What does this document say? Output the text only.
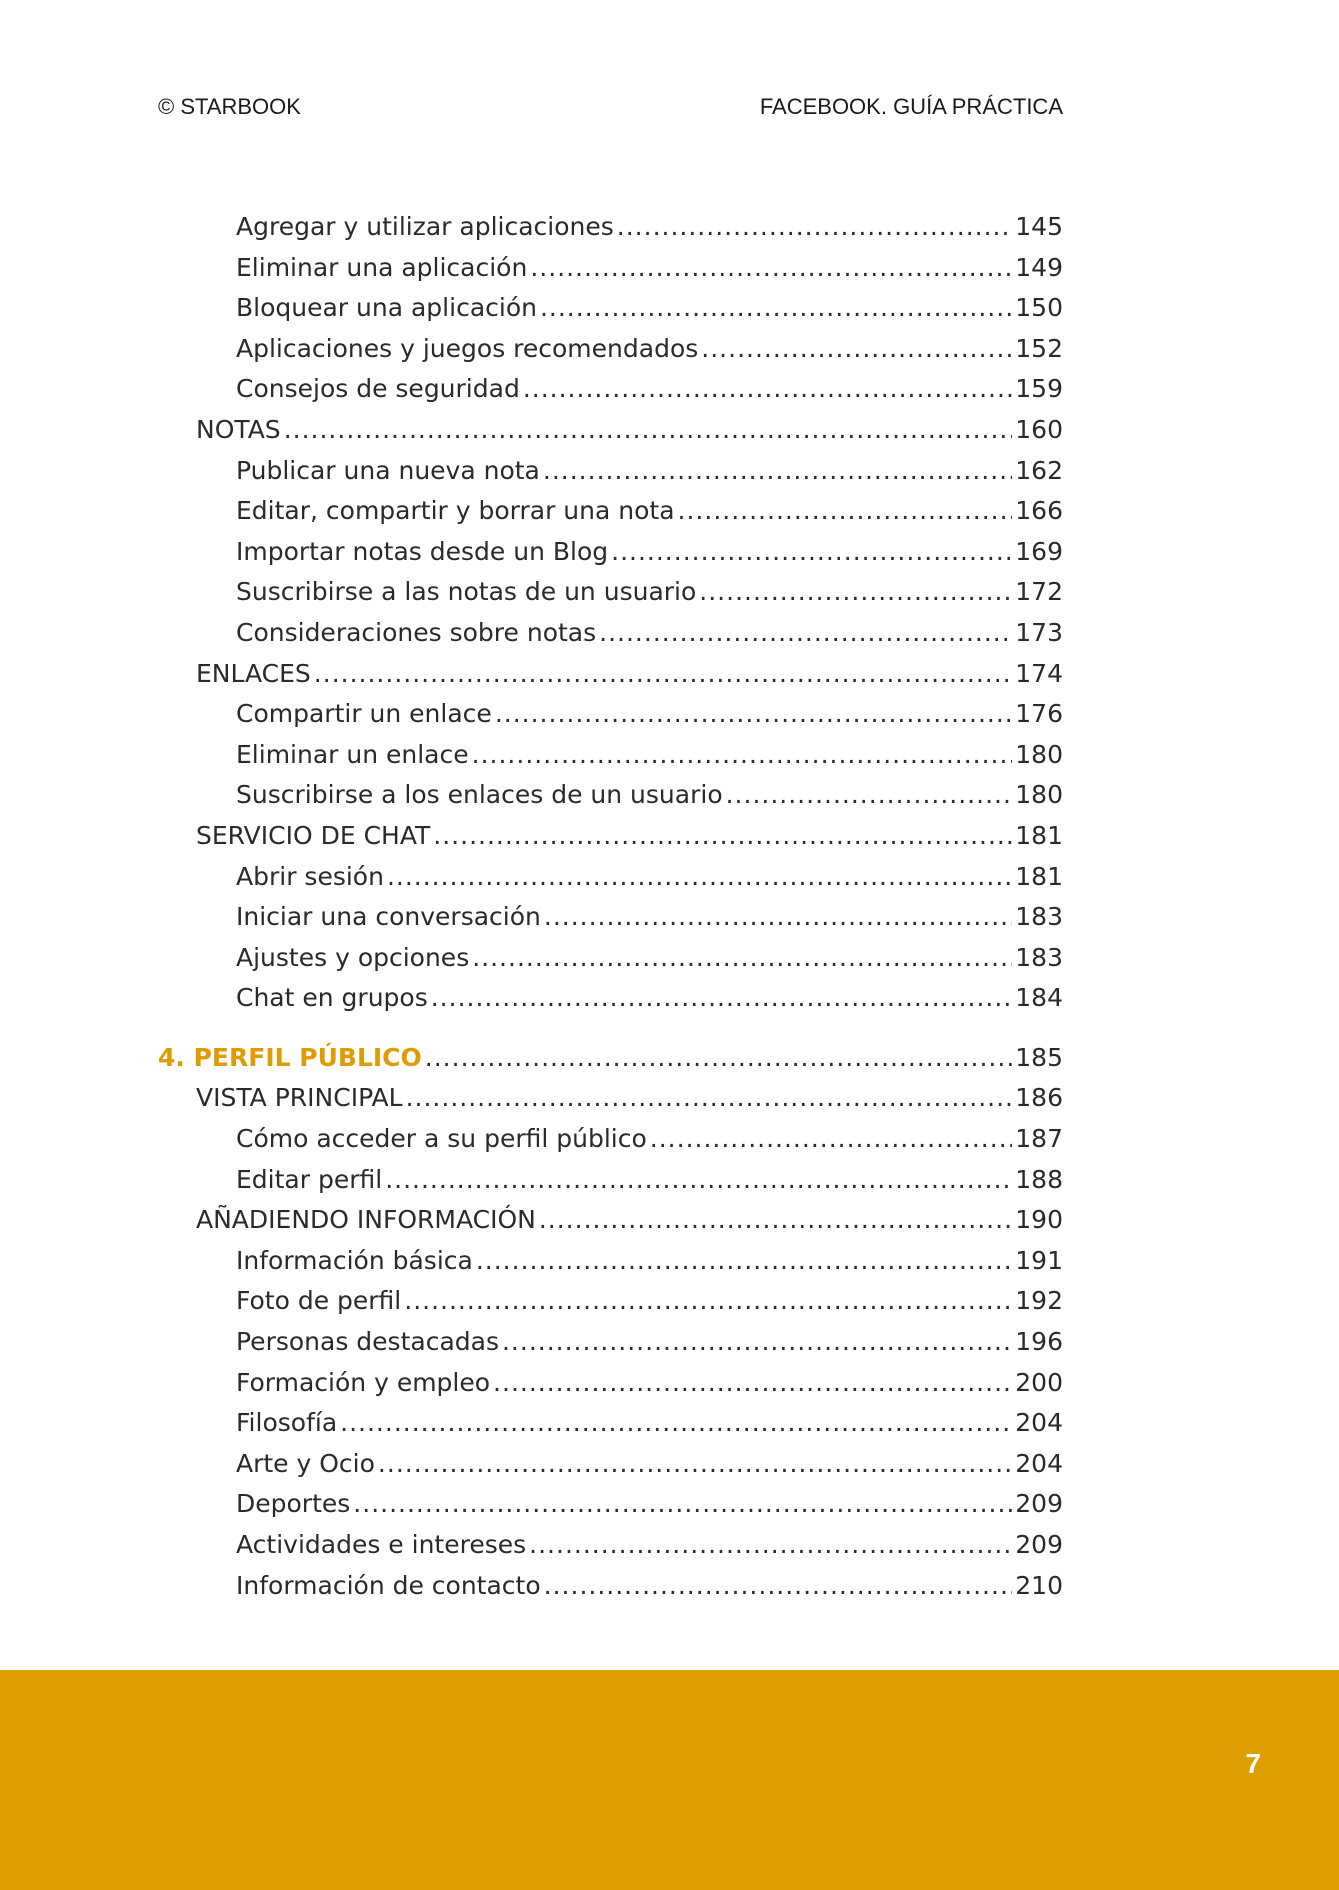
© STARBOOK	FACEBOOK. GUÍA PRÁCTICA
Agregar y utilizar aplicaciones .....	145
Eliminar una aplicación .....	149
Bloquear una aplicación .....	150
Aplicaciones y juegos recomendados .....	152
Consejos de seguridad .....	159
NOTAS .....	160
Publicar una nueva nota .....	162
Editar, compartir y borrar una nota .....	166
Importar notas desde un Blog .....	169
Suscribirse a las notas de un usuario .....	172
Consideraciones sobre notas .....	173
ENLACES .....	174
Compartir un enlace .....	176
Eliminar un enlace .....	180
Suscribirse a los enlaces de un usuario .....	180
SERVICIO DE CHAT .....	181
Abrir sesión .....	181
Iniciar una conversación .....	183
Ajustes y opciones .....	183
Chat en grupos .....	184
4. PERFIL PÚBLICO .....	185
VISTA PRINCIPAL .....	186
Cómo acceder a su perfil público .....	187
Editar perfil .....	188
AÑADIENDO INFORMACIÓN .....	190
Información básica .....	191
Foto de perfil .....	192
Personas destacadas .....	196
Formación y empleo .....	200
Filosofía .....	204
Arte y Ocio .....	204
Deportes .....	209
Actividades e intereses .....	209
Información de contacto .....	210
7
